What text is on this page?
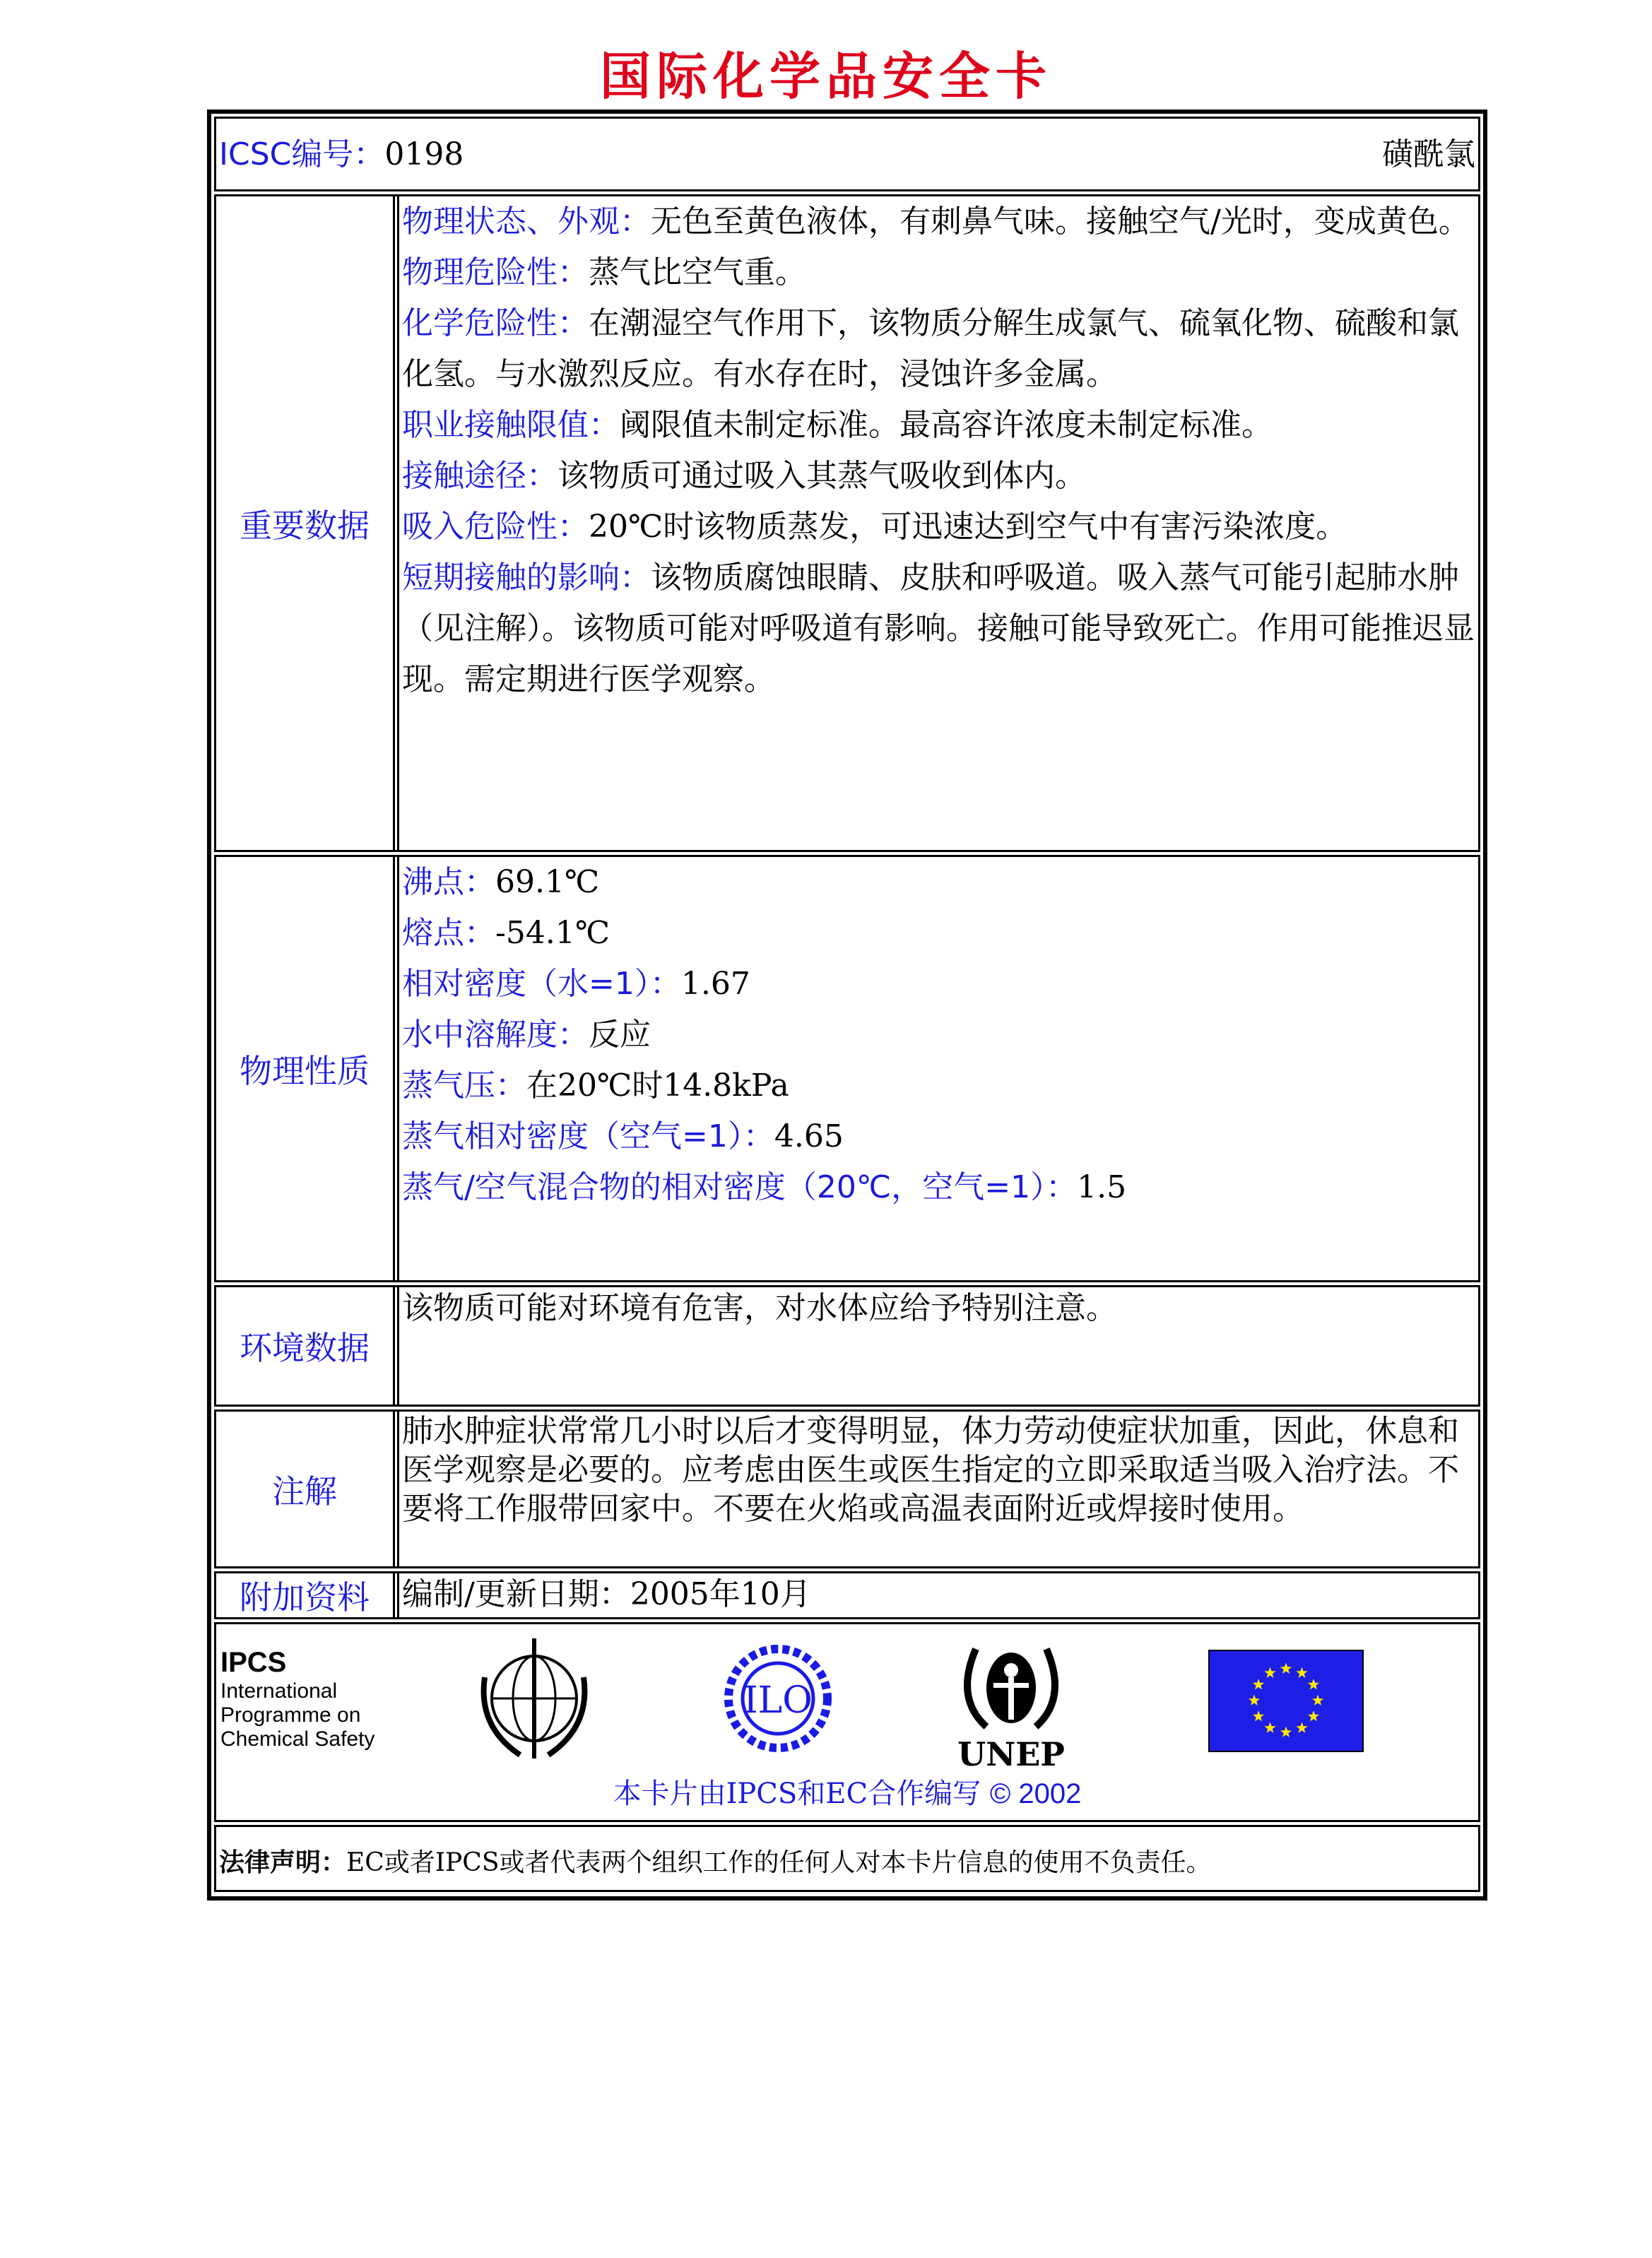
国际化学品安全卡
ICSC编号：0198	磺酰氯
重要数据
物理状态、外观：无色至黄色液体，有刺鼻气味。接触空气/光时，变成黄色。
物理危险性：蒸气比空气重。
化学危险性：在潮湿空气作用下，该物质分解生成氯气、硫氧化物、硫酸和氯化氢。与水激烈反应。有水存在时，浸蚀许多金属。
职业接触限值：阈限值未制定标准。最高容许浓度未制定标准。
接触途径：该物质可通过吸入其蒸气吸收到体内。
吸入危险性：20℃时该物质蒸发，可迅速达到空气中有害污染浓度。
短期接触的影响：该物质腐蚀眼睛、皮肤和呼吸道。吸入蒸气可能引起肺水肿（见注解）。该物质可能对呼吸道有影响。接触可能导致死亡。作用可能推迟显现。需定期进行医学观察。
物理性质
沸点：69.1℃
熔点：-54.1℃
相对密度（水=1）：1.67
水中溶解度：反应
蒸气压：在20℃时14.8kPa
蒸气相对密度（空气=1）：4.65
蒸气/空气混合物的相对密度（20℃，空气=1）：1.5
环境数据
该物质可能对环境有危害，对水体应给予特别注意。
注解
肺水肿症状常常几小时以后才变得明显，体力劳动使症状加重，因此，休息和医学观察是必要的。应考虑由医生或医生指定的立即采取适当吸入治疗法。不要将工作服带回家中。不要在火焰或高温表面附近或焊接时使用。
附加资料	编制/更新日期：2005年10月
IPCS
International
Programme on
Chemical Safety
ILO
UNEP
本卡片由IPCS和EC合作编写 © 2002
法律声明：EC或者IPCS或者代表两个组织工作的任何人对本卡片信息的使用不负责任。
